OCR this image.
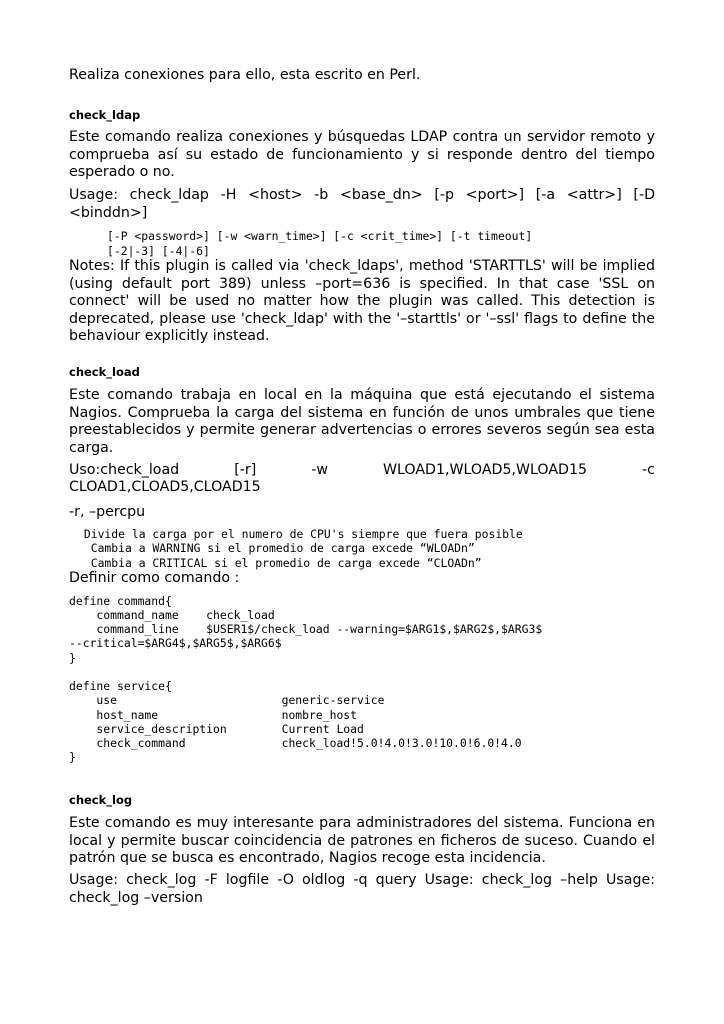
Realiza conexiones para ello, esta escrito en Perl.

check_ldap

Este comando realiza conexiones y búsquedas LDAP contra un servidor remoto y comprueba así su estado de funcionamiento y si responde dentro del tiempo esperado o no.

Usage: check_ldap -H <host> -b <base_dn> [-p <port>] [-a <attr>] [-D <binddn>]

[-P <password>] [-w <warn_time>] [-c <crit_time>] [-t timeout]
[-2|-3] [-4|-6]

Notes: If this plugin is called via 'check_ldaps', method 'STARTTLS' will be implied (using default port 389) unless –port=636 is specified. In that case 'SSL on connect' will be used no matter how the plugin was called. This detection is deprecated, please use 'check_ldap' with the '–starttls' or '–ssl' flags to define the behaviour explicitly instead.

check_load

Este comando trabaja en local en la máquina que está ejecutando el sistema Nagios. Comprueba la carga del sistema en función de unos umbrales que tiene preestablecidos y permite generar advertencias o errores severos según sea esta carga.

Uso:check_load	[-r]	-w	WLOAD1,WLOAD5,WLOAD15	-c
CLOAD1,CLOAD5,CLOAD15
-r, –percpu
Divide la carga por el numero de CPU's siempre que fuera posible
Cambia a WARNING si el promedio de carga excede “WLOADn”
Cambia a CRITICAL si el promedio de carga excede “CLOADn”
Definir como comando :
define command{
command_name    check_load
command_line    $USER1$/check_load --warning=$ARG1$,$ARG2$,$ARG3$
--critical=$ARG4$,$ARG5$,$ARG6$
}
define service{
use                        generic-service
host_name                  nombre_host
service_description        Current Load
check_command              check_load!5.0!4.0!3.0!10.0!6.0!4.0
}
check_log

Este comando es muy interesante para administradores del sistema. Funciona en local y permite buscar coincidencia de patrones en ficheros de suceso. Cuando el patrón que se busca es encontrado, Nagios recoge esta incidencia.

Usage: check_log -F logfile -O oldlog -q query Usage: check_log –help Usage: check_log –version
